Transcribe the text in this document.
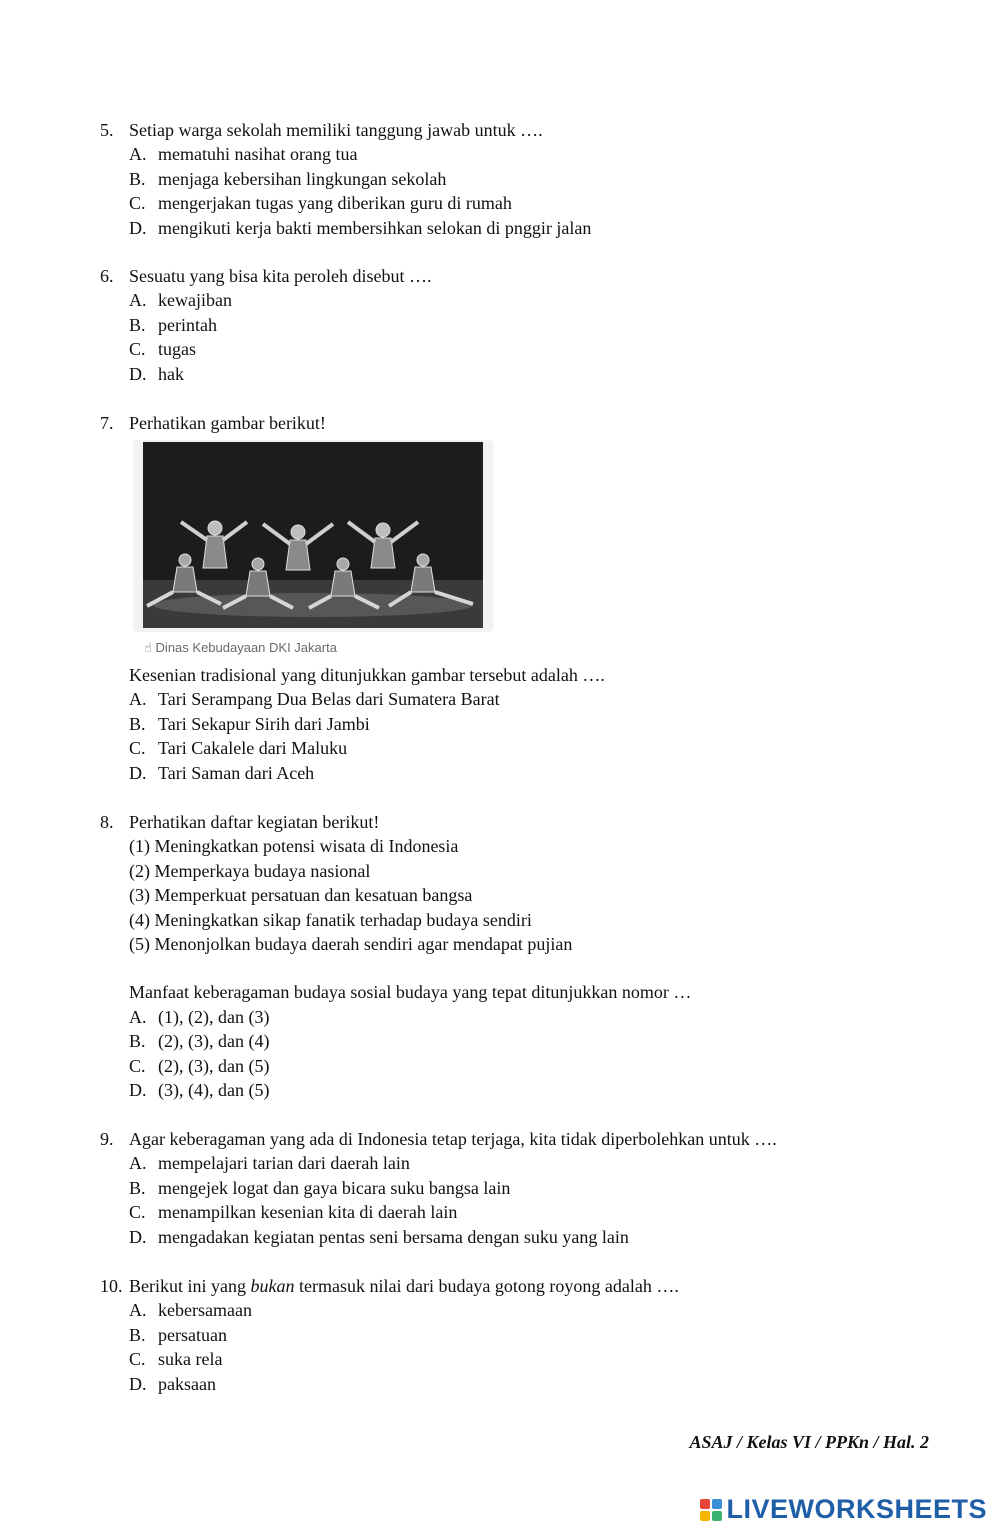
5. Setiap warga sekolah memiliki tanggung jawab untuk ….
A. mematuhi nasihat orang tua
B. menjaga kebersihan lingkungan sekolah
C. mengerjakan tugas yang diberikan guru di rumah
D. mengikuti kerja bakti membersihkan selokan di pnggir jalan
6. Sesuatu yang bisa kita peroleh disebut ….
A. kewajiban
B. perintah
C. tugas
D. hak
7. Perhatikan gambar berikut!
☝︎ Dinas Kebudayaan DKI Jakarta
Kesenian tradisional yang ditunjukkan gambar tersebut adalah ….
A. Tari Serampang Dua Belas dari Sumatera Barat
B. Tari Sekapur Sirih dari Jambi
C. Tari Cakalele dari Maluku
D. Tari Saman dari Aceh
8. Perhatikan daftar kegiatan berikut!
(1) Meningkatkan potensi wisata di Indonesia
(2) Memperkaya budaya nasional
(3) Memperkuat persatuan dan kesatuan bangsa
(4) Meningkatkan sikap fanatik terhadap budaya sendiri
(5) Menonjolkan budaya daerah sendiri agar mendapat pujian
Manfaat keberagaman budaya sosial budaya yang tepat ditunjukkan nomor …
A. (1), (2), dan (3)
B. (2), (3), dan (4)
C. (2), (3), dan (5)
D. (3), (4), dan (5)
9. Agar keberagaman yang ada di Indonesia tetap terjaga, kita tidak diperbolehkan untuk ….
A. mempelajari tarian dari daerah lain
B. mengejek logat dan gaya bicara suku bangsa lain
C. menampilkan kesenian kita di daerah lain
D. mengadakan kegiatan pentas seni bersama dengan suku yang lain
10. Berikut ini yang bukan termasuk nilai dari budaya gotong royong adalah ….
A. kebersamaan
B. persatuan
C. suka rela
D. paksaan
ASAJ / Kelas VI / PPKn / Hal. 2
LIVEWORKSHEETS
